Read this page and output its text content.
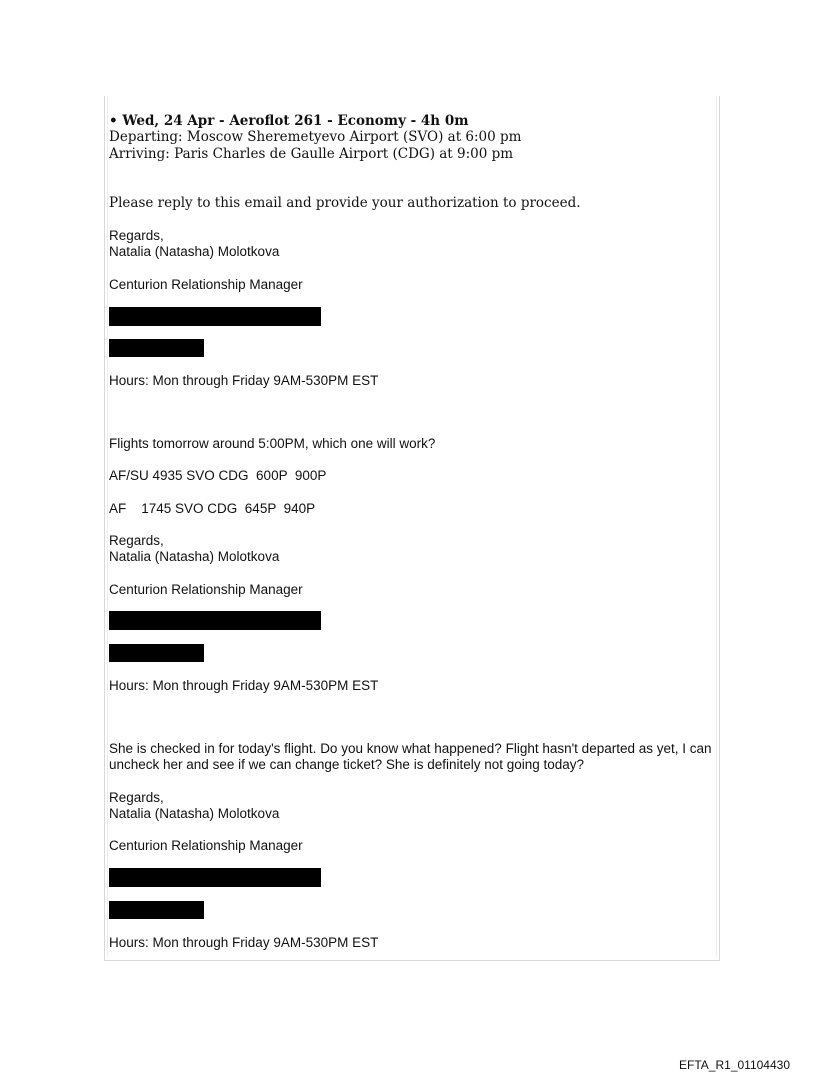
• Wed, 24 Apr - Aeroflot 261 - Economy - 4h 0m
Departing: Moscow Sheremetyevo Airport (SVO) at 6:00 pm
Arriving: Paris Charles de Gaulle Airport (CDG) at 9:00 pm
Please reply to this email and provide your authorization to proceed.
Regards,
Natalia (Natasha) Molotkova
Centurion Relationship Manager
Hours: Mon through Friday 9AM-530PM EST
Flights tomorrow around 5:00PM, which one will work?
AF/SU 4935 SVO CDG  600P  900P
AF    1745 SVO CDG  645P  940P
Regards,
Natalia (Natasha) Molotkova
Centurion Relationship Manager
Hours: Mon through Friday 9AM-530PM EST
She is checked in for today's flight. Do you know what happened? Flight hasn't departed as yet, I can uncheck her and see if we can change ticket? She is definitely not going today?
Regards,
Natalia (Natasha) Molotkova
Centurion Relationship Manager
Hours: Mon through Friday 9AM-530PM EST
EFTA_R1_01104430
